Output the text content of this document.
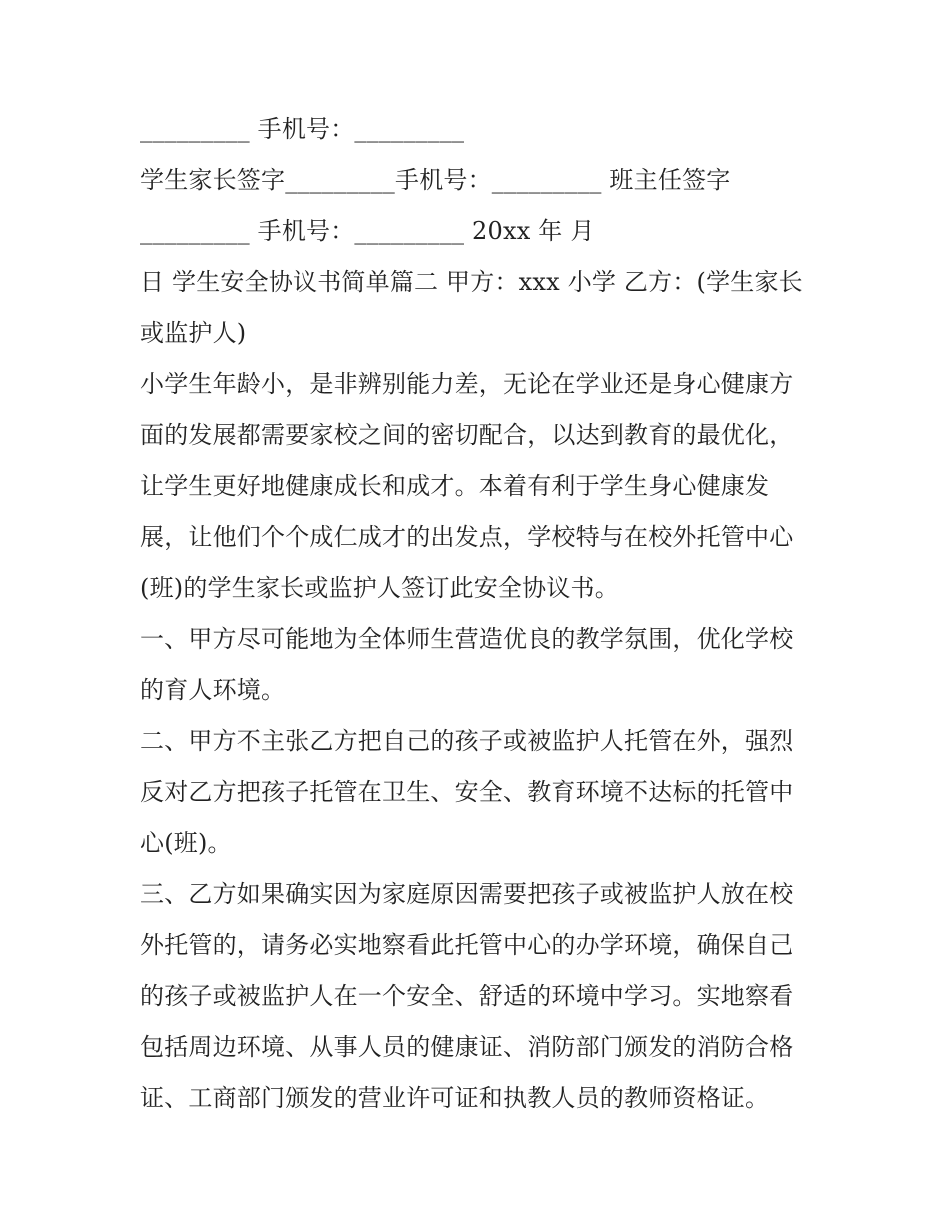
_________ 手机号：_________
学生家长签字_________手机号：_________ 班主任签字
_________ 手机号：_________ 20xx 年 月
日 学生安全协议书简单篇二 甲方：xxx 小学 乙方：(学生家长
或监护人)
小学生年龄小，是非辨别能力差，无论在学业还是身心健康方
面的发展都需要家校之间的密切配合，以达到教育的最优化，
让学生更好地健康成长和成才。本着有利于学生身心健康发
展，让他们个个成仁成才的出发点，学校特与在校外托管中心
(班)的学生家长或监护人签订此安全协议书。
一、甲方尽可能地为全体师生营造优良的教学氛围，优化学校
的育人环境。
二、甲方不主张乙方把自己的孩子或被监护人托管在外，强烈
反对乙方把孩子托管在卫生、安全、教育环境不达标的托管中
心(班)。
三、乙方如果确实因为家庭原因需要把孩子或被监护人放在校
外托管的，请务必实地察看此托管中心的办学环境，确保自己
的孩子或被监护人在一个安全、舒适的环境中学习。实地察看
包括周边环境、从事人员的健康证、消防部门颁发的消防合格
证、工商部门颁发的营业许可证和执教人员的教师资格证。
